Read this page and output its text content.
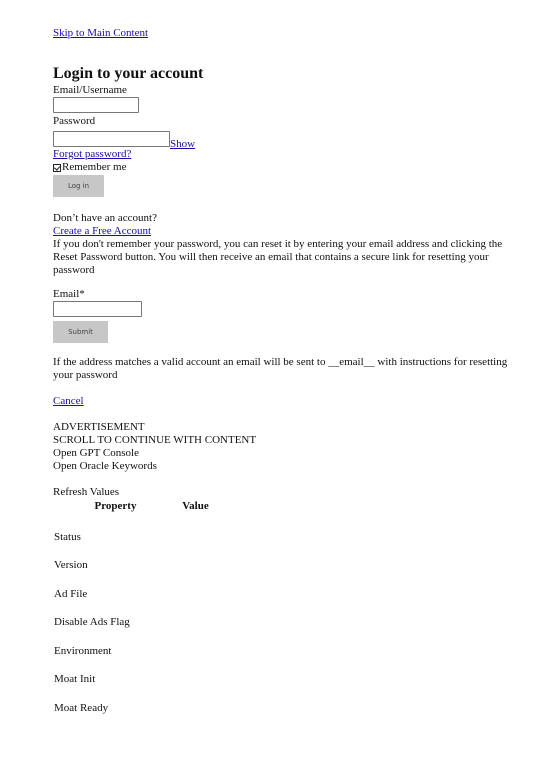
Skip to Main Content
Login to your account
Email/Username
Password
Show
Forgot password?
Remember me
Log in

Don’t have an account?

Create a Free Account

If you don't remember your password, you can reset it by entering your email address and clicking the Reset Password button. You will then receive an email that contains a secure link for resetting your password

Email*
Submit

If the address matches a valid account an email will be sent to __email__ with instructions for resetting your password

Cancel
ADVERTISEMENT
SCROLL TO CONTINUE WITH CONTENT
Open GPT Console
Open Oracle Keywords
Refresh Values
Property	Value
Status	
Version	
Ad File	
Disable Ads Flag	
Environment	
Moat Init	
Moat Ready	
